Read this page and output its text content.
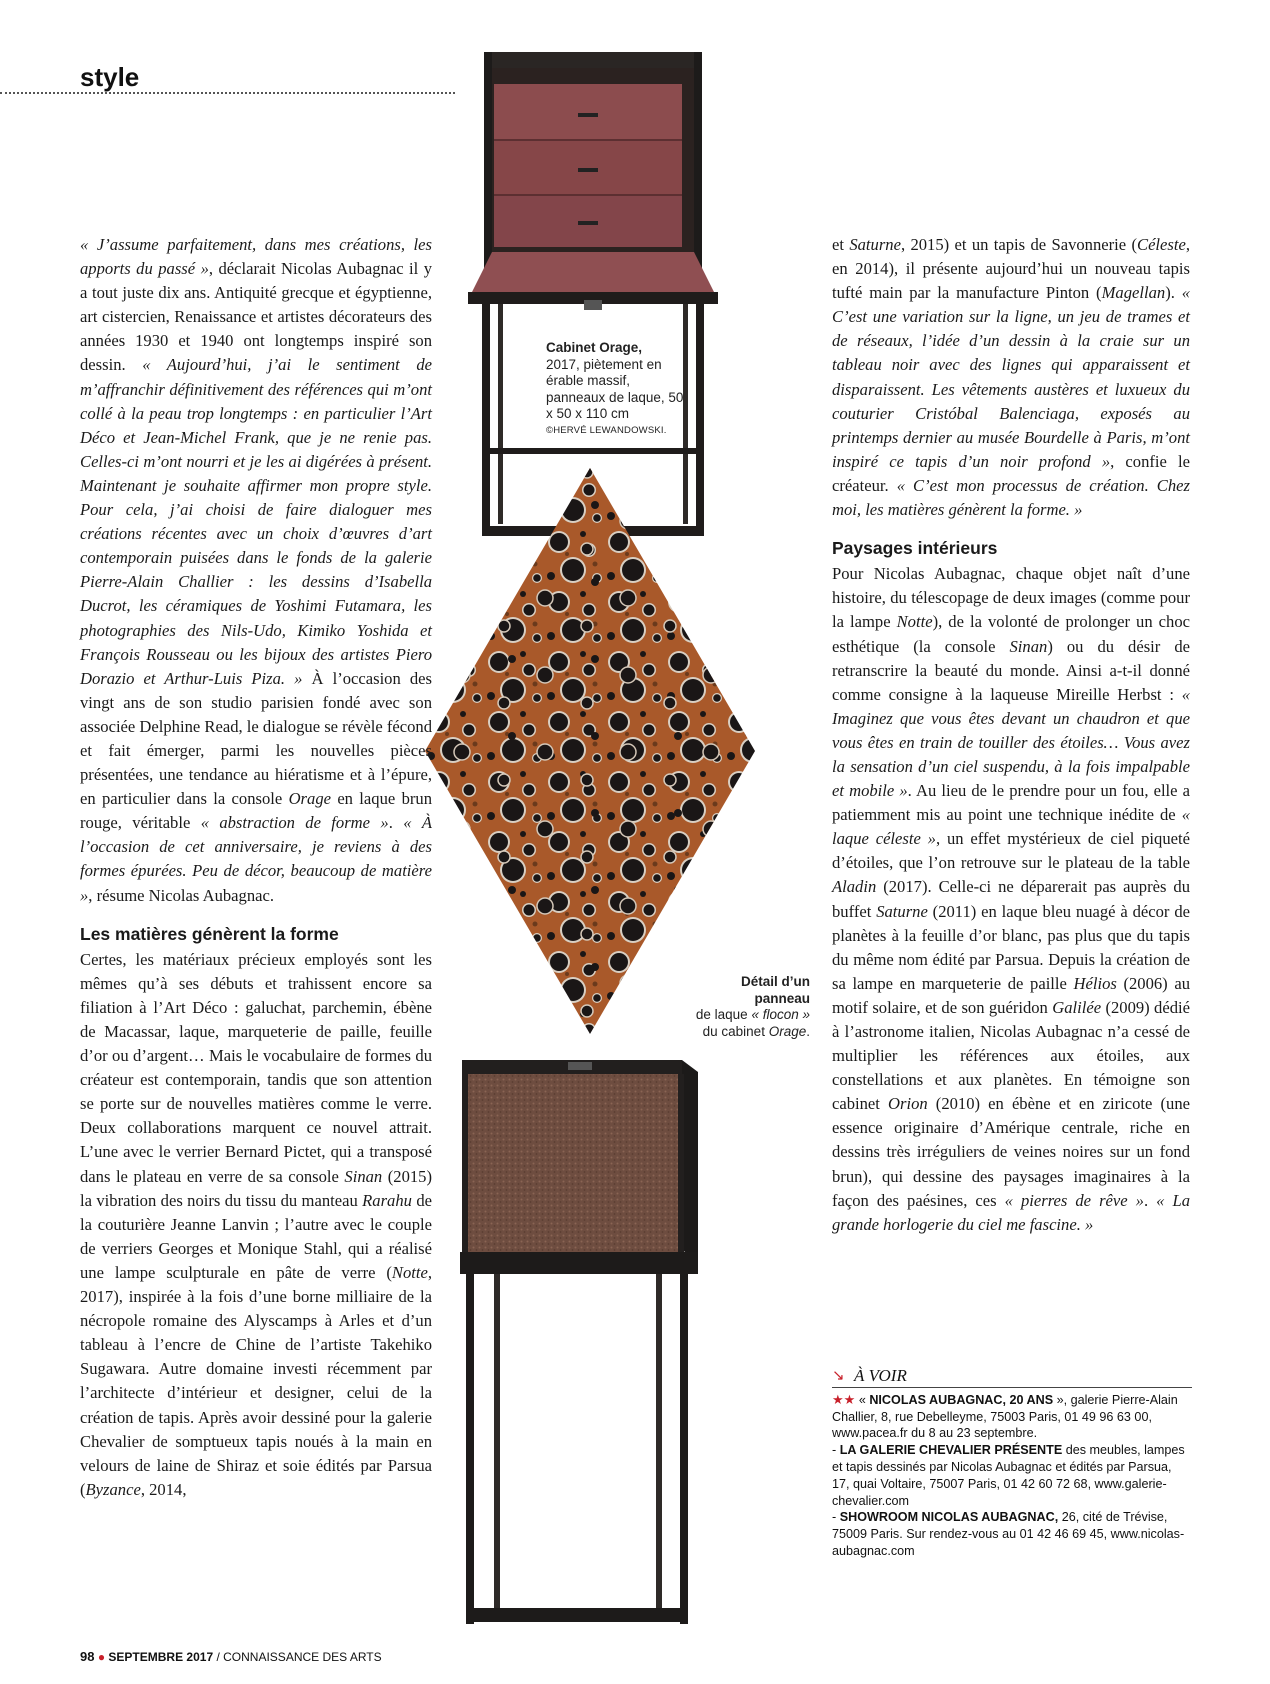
style
Cabinet Orage,
2017, piètement en érable massif, panneaux de laque, 50 x 50 x 110 cm
©HERVÉ LEWANDOWSKI.
Détail d’un panneau
de laque « flocon » du cabinet Orage.

« J’assume parfaitement, dans mes créations, les apports du passé », déclarait Nicolas Aubagnac il y a tout juste dix ans. Antiquité grecque et égyptienne, art cistercien, Renaissance et artistes décorateurs des années 1930 et 1940 ont longtemps inspiré son dessin. « Aujourd’hui, j’ai le sentiment de m’affranchir définitivement des références qui m’ont collé à la peau trop longtemps : en particulier l’Art Déco et Jean-Michel Frank, que je ne renie pas. Celles-ci m’ont nourri et je les ai digérées à présent. Maintenant je souhaite affirmer mon propre style. Pour cela, j’ai choisi de faire dialoguer mes créations récentes avec un choix d’œuvres d’art contemporain puisées dans le fonds de la galerie Pierre-Alain Challier : les dessins d’Isabella Ducrot, les céramiques de Yoshimi Futamara, les photographies des Nils-Udo, Kimiko Yoshida et François Rousseau ou les bijoux des artistes Piero Dorazio et Arthur-Luis Piza. » À l’occasion des vingt ans de son studio parisien fondé avec son associée Delphine Read, le dialogue se révèle fécond et fait émerger, parmi les nouvelles pièces présentées, une tendance au hiératisme et à l’épure, en particulier dans la console Orage en laque brun rouge, véritable « abstraction de forme ». « À l’occasion de cet anniversaire, je reviens à des formes épurées. Peu de décor, beaucoup de matière », résume Nicolas Aubagnac.

Les matières génèrent la forme

Certes, les matériaux précieux employés sont les mêmes qu’à ses débuts et trahissent encore sa filiation à l’Art Déco : galuchat, parchemin, ébène de Macassar, laque, marqueterie de paille, feuille d’or ou d’argent… Mais le vocabulaire de formes du créateur est contemporain, tandis que son attention se porte sur de nouvelles matières comme le verre. Deux collaborations marquent ce nouvel attrait. L’une avec le verrier Bernard Pictet, qui a transposé dans le plateau en verre de sa console Sinan (2015) la vibration des noirs du tissu du manteau Rarahu de la couturière Jeanne Lanvin ; l’autre avec le couple de verriers Georges et Monique Stahl, qui a réalisé une lampe sculpturale en pâte de verre (Notte, 2017), inspirée à la fois d’une borne milliaire de la nécropole romaine des Alyscamps à Arles et d’un tableau à l’encre de Chine de l’artiste Takehiko Sugawara. Autre domaine investi récemment par l’architecte d’intérieur et designer, celui de la création de tapis. Après avoir dessiné pour la galerie Chevalier de somptueux tapis noués à la main en velours de laine de Shiraz et soie édités par Parsua (Byzance, 2014,

et Saturne, 2015) et un tapis de Savonnerie (Céleste, en 2014), il présente aujourd’hui un nouveau tapis tufté main par la manufacture Pinton (Magellan). « C’est une variation sur la ligne, un jeu de trames et de réseaux, l’idée d’un dessin à la craie sur un tableau noir avec des lignes qui apparaissent et disparaissent. Les vêtements austères et luxueux du couturier Cristóbal Balenciaga, exposés au printemps dernier au musée Bourdelle à Paris, m’ont inspiré ce tapis d’un noir profond », confie le créateur. « C’est mon processus de création. Chez moi, les matières génèrent la forme. »

Paysages intérieurs

Pour Nicolas Aubagnac, chaque objet naît d’une histoire, du télescopage de deux images (comme pour la lampe Notte), de la volonté de prolonger un choc esthétique (la console Sinan) ou du désir de retranscrire la beauté du monde. Ainsi a-t-il donné comme consigne à la laqueuse Mireille Herbst : « Imaginez que vous êtes devant un chaudron et que vous êtes en train de touiller des étoiles… Vous avez la sensation d’un ciel suspendu, à la fois impalpable et mobile ». Au lieu de le prendre pour un fou, elle a patiemment mis au point une technique inédite de « laque céleste », un effet mystérieux de ciel piqueté d’étoiles, que l’on retrouve sur le plateau de la table Aladin (2017). Celle-ci ne déparerait pas auprès du buffet Saturne (2011) en laque bleu nuagé à décor de planètes à la feuille d’or blanc, pas plus que du tapis du même nom édité par Parsua. Depuis la création de sa lampe en marqueterie de paille Hélios (2006) au motif solaire, et de son guéridon Galilée (2009) dédié à l’astronome italien, Nicolas Aubagnac n’a cessé de multiplier les références aux étoiles, aux constellations et aux planètes. En témoigne son cabinet Orion (2010) en ébène et en ziricote (une essence originaire d’Amérique centrale, riche en dessins très irréguliers de veines noires sur un fond brun), qui dessine des paysages imaginaires à la façon des paésines, ces « pierres de rêve ». « La grande horlogerie du ciel me fascine. »

↘ À VOIR

★★ « NICOLAS AUBAGNAC, 20 ANS », galerie Pierre-Alain Challier, 8, rue Debelleyme, 75003 Paris, 01 49 96 63 00, www.pacea.fr du 8 au 23 septembre.

- LA GALERIE CHEVALIER PRÉSENTE des meubles, lampes et tapis dessinés par Nicolas Aubagnac et édités par Parsua, 17, quai Voltaire, 75007 Paris, 01 42 60 72 68, www.galerie-chevalier.com

- SHOWROOM NICOLAS AUBAGNAC, 26, cité de Trévise, 75009 Paris. Sur rendez-vous au 01 42 46 69 45, www.nicolas-aubagnac.com

98 ● SEPTEMBRE 2017 / CONNAISSANCE DES ARTS
